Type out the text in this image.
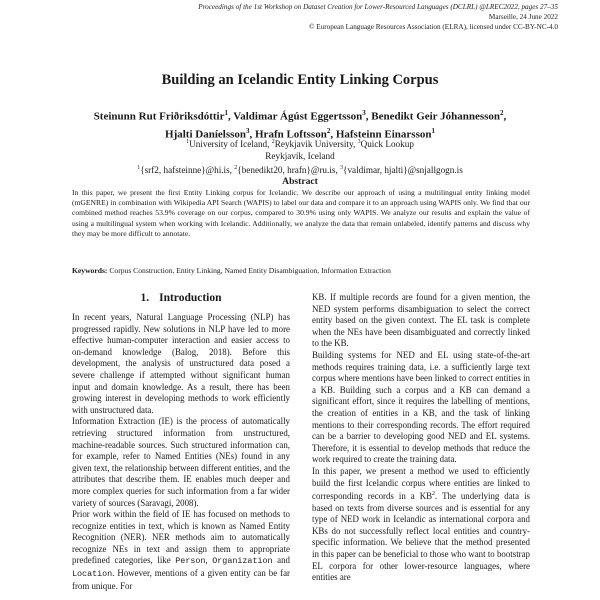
Proceedings of the 1st Workshop on Dataset Creation for Lower-Resourced Languages (DCLRL) @LREC2022, pages 27–35
Marseille, 24 June 2022
© European Language Resources Association (ELRA), licensed under CC-BY-NC-4.0
Building an Icelandic Entity Linking Corpus
Steinunn Rut Friðriksdóttir$^1$, Valdimar Ágúst Eggertsson$^3$, Benedikt Geir Jóhannesson$^2$,
Hjalti Daníelsson$^3$, Hrafn Loftsson$^2$, Hafsteinn Einarsson$^1$
$^1$University of Iceland, $^2$Reykjavik University, $^3$Quick Lookup
Reykjavík, Iceland
$^1${srf2, hafsteinne}@hi.is, $^2${benedikt20, hrafn}@ru.is, $^3${valdimar, hjalti}@snjallgogn.is
Abstract

In this paper, we present the first Entity Linking corpus for Icelandic. We describe our approach of using a multilingual entity linking model (mGENRE) in combination with Wikipedia API Search (WAPIS) to label our data and compare it to an approach using WAPIS only. We find that our combined method reaches 53.9% coverage on our corpus, compared to 30.9% using only WAPIS. We analyze our results and explain the value of using a multilingual system when working with Icelandic. Additionally, we analyze the data that remain unlabeled, identify patterns and discuss why they may be more difficult to annotate.

Keywords: Corpus Construction, Entity Linking, Named Entity Disambiguation, Information Extraction
1. Introduction

In recent years, Natural Language Processing (NLP) has progressed rapidly. New solutions in NLP have led to more effective human-computer interaction and easier access to on-demand knowledge (Balog, 2018). Before this development, the analysis of unstructured data posed a severe challenge if attempted without significant human input and domain knowledge. As a result, there has been growing interest in developing methods to work efficiently with unstructured data.

Information Extraction (IE) is the process of automatically retrieving structured information from unstructured, machine-readable sources. Such structured information can, for example, refer to Named Entities (NEs) found in any given text, the relationship between different entities, and the attributes that describe them. IE enables much deeper and more complex queries for such information from a far wider variety of sources (Saravagi, 2008).

Prior work within the field of IE has focused on methods to recognize entities in text, which is known as Named Entity Recognition (NER). NER methods aim to automatically recognize NEs in text and assign them to appropriate predefined categories, like Person, Organization and Location. However, mentions of a given entity can be far from unique. For

KB. If multiple records are found for a given mention, the NED system performs disambiguation to select the correct entity based on the given context. The EL task is complete when the NEs have been disambiguated and correctly linked to the KB.

Building systems for NED and EL using state-of-the-art methods requires training data, i.e. a sufficiently large text corpus where mentions have been linked to correct entities in a KB. Building such a corpus and a KB can demand a significant effort, since it requires the labelling of mentions, the creation of entities in a KB, and the task of linking mentions to their corresponding records. The effort required can be a barrier to developing good NED and EL systems. Therefore, it is essential to develop methods that reduce the work required to create the training data.

In this paper, we present a method we used to efficiently build the first Icelandic corpus where entities are linked to corresponding records in a KB$^2$. The underlying data is based on texts from diverse sources and is essential for any type of NED work in Icelandic as international corpora and KBs do not successfully reflect local entities and country-specific information. We believe that the method presented in this paper can be beneficial to those who want to bootstrap EL corpora for other lower-resource languages, where entities are
